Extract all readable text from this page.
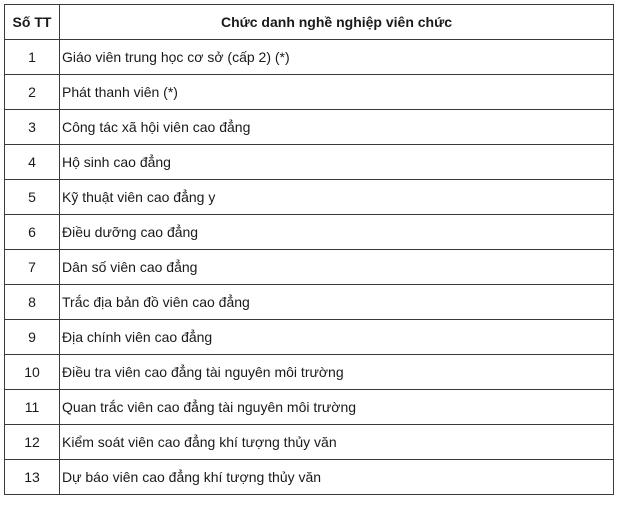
Số TT	Chức danh nghề nghiệp viên chức
1	Giáo viên trung học cơ sở (cấp 2) (*)
2	Phát thanh viên (*)
3	Công tác xã hội viên cao đẳng
4	Hộ sinh cao đẳng
5	Kỹ thuật viên cao đẳng y
6	Điều dưỡng cao đẳng
7	Dân số viên cao đẳng
8	Trắc địa bản đồ viên cao đẳng
9	Địa chính viên cao đẳng
10	Điều tra viên cao đẳng tài nguyên môi trường
11	Quan trắc viên cao đẳng tài nguyên môi trường
12	Kiểm soát viên cao đẳng khí tượng thủy văn
13	Dự báo viên cao đẳng khí tượng thủy văn
